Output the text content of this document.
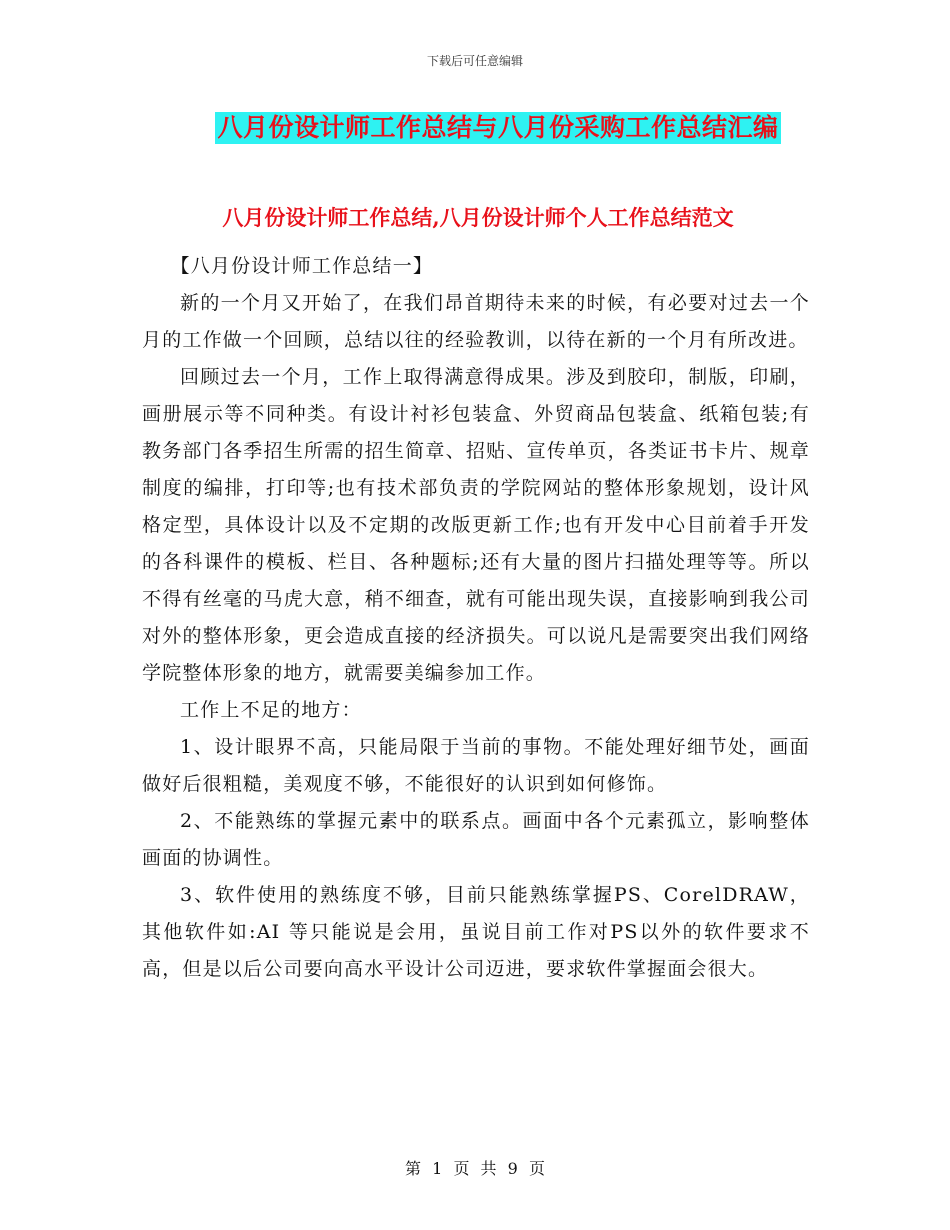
下载后可任意编辑
八月份设计师工作总结与八月份采购工作总结汇编
八月份设计师工作总结,八月份设计师个人工作总结范文

【八月份设计师工作总结一】

新的一个月又开始了，在我们昂首期待未来的时候，有必要对过去一个月的工作做一个回顾，总结以往的经验教训，以待在新的一个月有所改进。

回顾过去一个月，工作上取得满意得成果。涉及到胶印，制版，印刷，画册展示等不同种类。有设计衬衫包装盒、外贸商品包装盒、纸箱包装;有教务部门各季招生所需的招生简章、招贴、宣传单页，各类证书卡片、规章制度的编排，打印等;也有技术部负责的学院网站的整体形象规划，设计风格定型，具体设计以及不定期的改版更新工作;也有开发中心目前着手开发的各科课件的模板、栏目、各种题标;还有大量的图片扫描处理等等。所以不得有丝毫的马虎大意，稍不细查，就有可能出现失误，直接影响到我公司对外的整体形象，更会造成直接的经济损失。可以说凡是需要突出我们网络学院整体形象的地方，就需要美编参加工作。

工作上不足的地方：

1、设计眼界不高，只能局限于当前的事物。不能处理好细节处，画面做好后很粗糙，美观度不够，不能很好的认识到如何修饰。

2、不能熟练的掌握元素中的联系点。画面中各个元素孤立，影响整体画面的协调性。

3、软件使用的熟练度不够，目前只能熟练掌握PS、CorelDRAW，其他软件如:AI 等只能说是会用，虽说目前工作对PS以外的软件要求不高，但是以后公司要向高水平设计公司迈进，要求软件掌握面会很大。

第 1 页 共 9 页
